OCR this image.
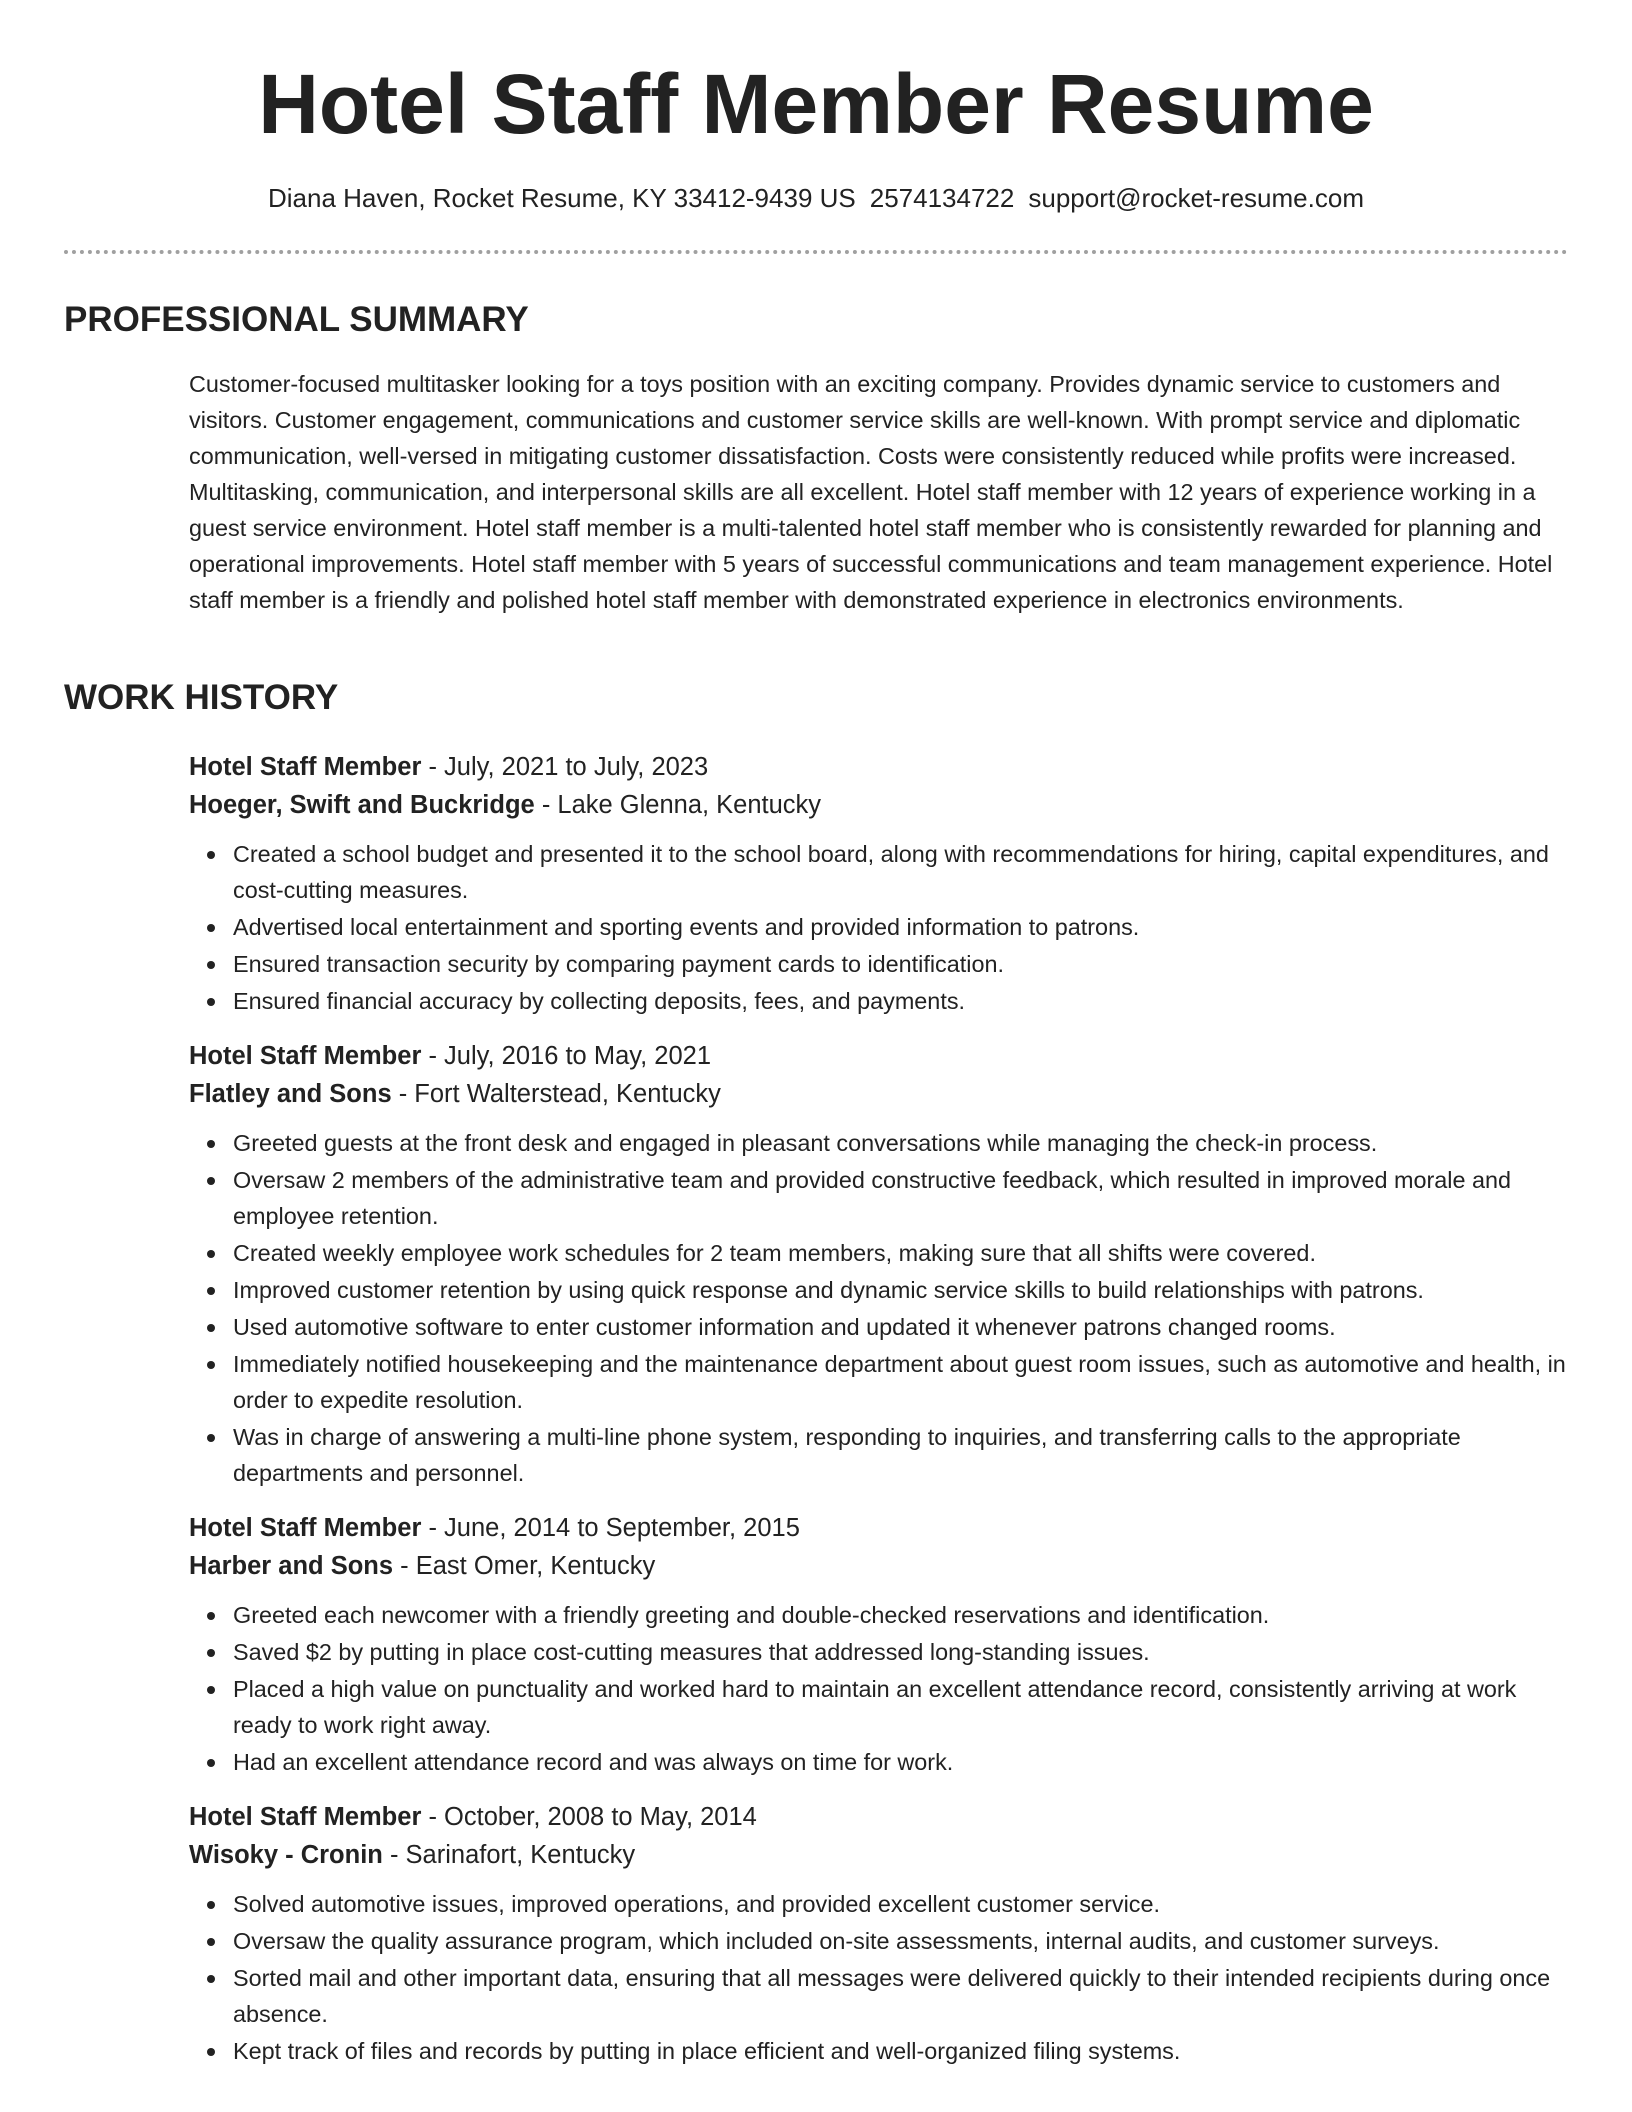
Hotel Staff Member Resume
Diana Haven, Rocket Resume, KY 33412-9439 US 2574134722 support@rocket-resume.com
PROFESSIONAL SUMMARY

Customer-focused multitasker looking for a toys position with an exciting company. Provides dynamic service to customers and visitors. Customer engagement, communications and customer service skills are well-known. With prompt service and diplomatic communication, well-versed in mitigating customer dissatisfaction. Costs were consistently reduced while profits were increased. Multitasking, communication, and interpersonal skills are all excellent. Hotel staff member with 12 years of experience working in a guest service environment. Hotel staff member is a multi-talented hotel staff member who is consistently rewarded for planning and operational improvements. Hotel staff member with 5 years of successful communications and team management experience. Hotel staff member is a friendly and polished hotel staff member with demonstrated experience in electronics environments.

WORK HISTORY

Hotel Staff Member - July, 2021 to July, 2023

Hoeger, Swift and Buckridge - Lake Glenna, Kentucky

Created a school budget and presented it to the school board, along with recommendations for hiring, capital expenditures, and cost-cutting measures.
Advertised local entertainment and sporting events and provided information to patrons.
Ensured transaction security by comparing payment cards to identification.
Ensured financial accuracy by collecting deposits, fees, and payments.

Hotel Staff Member - July, 2016 to May, 2021

Flatley and Sons - Fort Walterstead, Kentucky

Greeted guests at the front desk and engaged in pleasant conversations while managing the check-in process.
Oversaw 2 members of the administrative team and provided constructive feedback, which resulted in improved morale and employee retention.
Created weekly employee work schedules for 2 team members, making sure that all shifts were covered.
Improved customer retention by using quick response and dynamic service skills to build relationships with patrons.
Used automotive software to enter customer information and updated it whenever patrons changed rooms.
Immediately notified housekeeping and the maintenance department about guest room issues, such as automotive and health, in order to expedite resolution.
Was in charge of answering a multi-line phone system, responding to inquiries, and transferring calls to the appropriate departments and personnel.

Hotel Staff Member - June, 2014 to September, 2015

Harber and Sons - East Omer, Kentucky

Greeted each newcomer with a friendly greeting and double-checked reservations and identification.
Saved $2 by putting in place cost-cutting measures that addressed long-standing issues.
Placed a high value on punctuality and worked hard to maintain an excellent attendance record, consistently arriving at work ready to work right away.
Had an excellent attendance record and was always on time for work.

Hotel Staff Member - October, 2008 to May, 2014

Wisoky - Cronin - Sarinafort, Kentucky

Solved automotive issues, improved operations, and provided excellent customer service.
Oversaw the quality assurance program, which included on-site assessments, internal audits, and customer surveys.
Sorted mail and other important data, ensuring that all messages were delivered quickly to their intended recipients during once absence.
Kept track of files and records by putting in place efficient and well-organized filing systems.
